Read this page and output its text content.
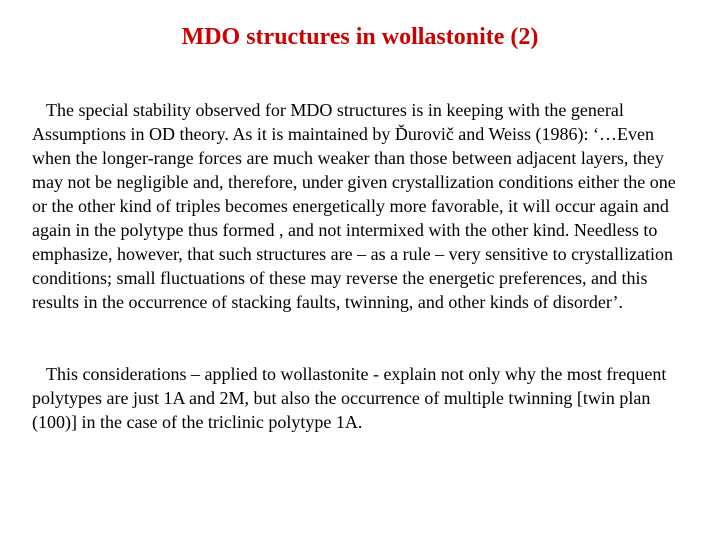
MDO structures in wollastonite (2)

The special stability observed for MDO structures is in keeping with the general Assumptions in OD theory. As it is maintained by Ďurovič and Weiss (1986): ‘…Even when the longer-range forces are much weaker than those between adjacent layers, they may not be negligible and, therefore, under given crystallization conditions either the one or the other kind of triples becomes energetically more favorable, it will occur again and again in the polytype thus formed , and not intermixed with the other kind. Needless to emphasize, however, that such structures are – as a rule – very sensitive to crystallization conditions; small fluctuations of these may reverse the energetic preferences, and this results in the occurrence of stacking faults, twinning, and other kinds of disorder’.

This considerations – applied to wollastonite - explain not only why the most frequent polytypes are just 1A and 2M, but also the occurrence of multiple twinning [twin plan (100)] in the case of the triclinic polytype 1A.
